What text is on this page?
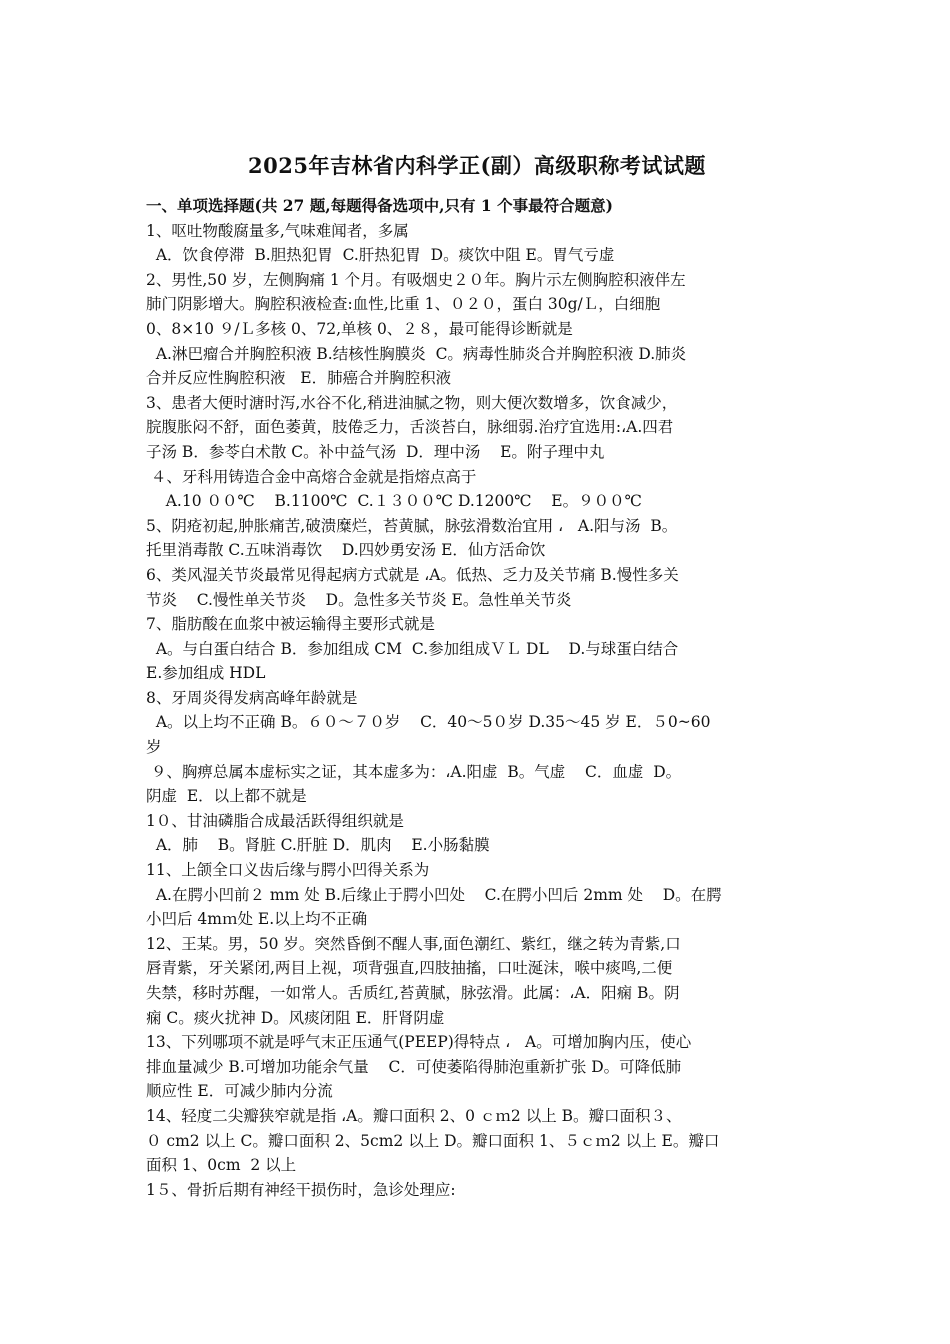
2025年吉林省内科学正(副）高级职称考试试题
一、单项选择题(共 27 题,每题得备选项中,只有 1 个事最符合题意)
1、呕吐物酸腐量多,气味难闻者，多属
A．饮食停滞  B.胆热犯胃  C.肝热犯胃  D。痰饮中阻 E。胃气亏虚
2、男性,50 岁，左侧胸痛 1 个月。有吸烟史２０年。胸片示左侧胸腔积液伴左
肺门阴影增大。胸腔积液检查:血性,比重 1、０２０，蛋白 30g/Ｌ，白细胞
0、8×10 ９/Ｌ多核 0、72,单核 0、２８，最可能得诊断就是
A.淋巴瘤合并胸腔积液 B.结核性胸膜炎  C。病毒性肺炎合并胸腔积液 D.肺炎
合并反应性胸腔积液   E．肺癌合并胸腔积液
3、患者大便时溏时泻,水谷不化,稍进油腻之物，则大便次数增多，饮食减少，
脘腹胀闷不舒，面色萎黄，肢倦乏力，舌淡苔白，脉细弱.治疗宜选用:،A.四君
子汤 B．参苓白术散 C。补中益气汤  D．理中汤    E。附子理中丸
４、牙科用铸造合金中高熔合金就是指熔点高于
A.10 ００℃    B.1100℃  C.１３００℃ D.1200℃    E。９００℃
5、阴疮初起,肿胀痛苦,破溃糜烂，苔黄腻，脉弦滑数治宜用 ،   A.阳与汤  B。
托里消毒散 C.五味消毒饮    D.四妙勇安汤 E．仙方活命饮
6、类风湿关节炎最常见得起病方式就是 ،A。低热、乏力及关节痛 B.慢性多关
节炎    C.慢性单关节炎    D。急性多关节炎 E。急性单关节炎
7、脂肪酸在血浆中被运输得主要形式就是
A。与白蛋白结合 B．参加组成 CM  C.参加组成ＶＬ DL    D.与球蛋白结合
E.参加组成 HDL
8、牙周炎得发病高峰年龄就是
A。以上均不正确 B。６０～７０岁    C．40～5０岁 D.35～45 岁 E．５0~60
岁
９、胸痹总属本虚标实之证，其本虚多为：،A.阳虚  B。气虚    C．血虚  D。
阴虚  E．以上都不就是
1０、甘油磷脂合成最活跃得组织就是
A．肺    B。肾脏 C.肝脏 D．肌肉    E.小肠黏膜
11、上颌全口义齿后缘与腭小凹得关系为
A.在腭小凹前２ mm 处 B.后缘止于腭小凹处    C.在腭小凹后 2mm 处    D。在腭
小凹后 4mｍ处 E.以上均不正确
12、王某。男，50 岁。突然昏倒不醒人事,面色潮红、紫红，继之转为青紫,口
唇青紫，牙关紧闭,两目上视，项背强直,四肢抽搐，口吐涎沫，喉中痰鸣,二便
失禁，移时苏醒，一如常人。舌质红,苔黄腻，脉弦滑。此属：،A．阳痫 B。阴
痫 C。痰火扰神 D。风痰闭阻 E．肝肾阴虚
13、下列哪项不就是呼气末正压通气(PEEP)得特点 ،   A。可增加胸内压，使心
排血量减少 B.可增加功能余气量    C．可使萎陷得肺泡重新扩张 D。可降低肺
顺应性 E．可减少肺内分流
14、轻度二尖瓣狭窄就是指 ،A。瓣口面积 2、0 ｃｍ2 以上 B。瓣口面积３、
０ cm2 以上 C。瓣口面积 2、5cm2 以上 D。瓣口面积 1、５ｃｍ2 以上 E。瓣口
面积 1、0cm  2 以上
1５、骨折后期有神经干损伤时，急诊处理应:
